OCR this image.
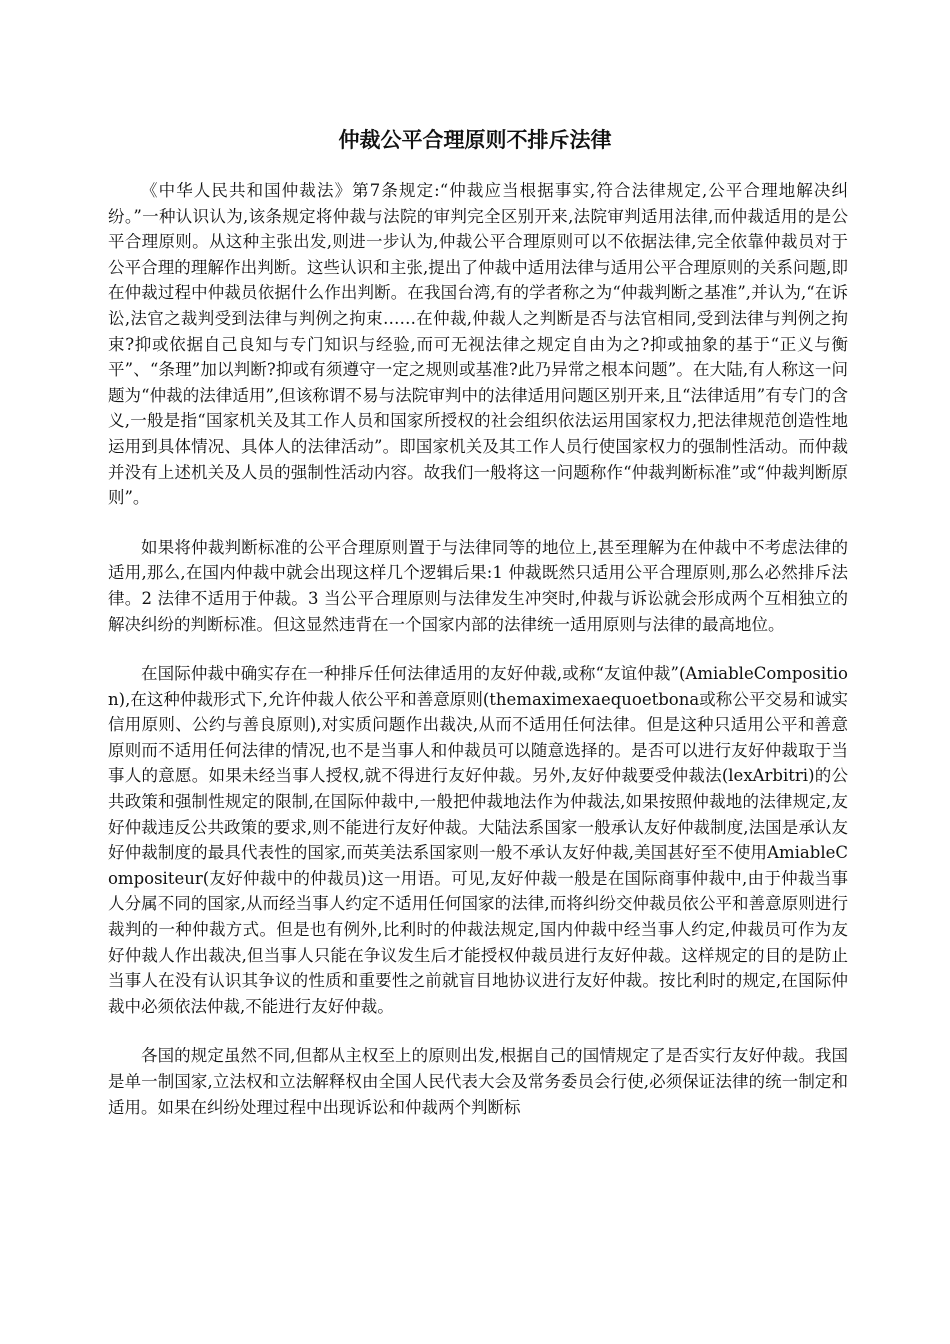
仲裁公平合理原则不排斥法律

《中华人民共和国仲裁法》第7条规定:“仲裁应当根据事实,符合法律规定,公平合理地解决纠纷。”一种认识认为,该条规定将仲裁与法院的审判完全区别开来,法院审判适用法律,而仲裁适用的是公平合理原则。从这种主张出发,则进一步认为,仲裁公平合理原则可以不依据法律,完全依靠仲裁员对于公平合理的理解作出判断。这些认识和主张,提出了仲裁中适用法律与适用公平合理原则的关系问题,即在仲裁过程中仲裁员依据什么作出判断。在我国台湾,有的学者称之为“仲裁判断之基准”,并认为,“在诉讼,法官之裁判受到法律与判例之拘束……在仲裁,仲裁人之判断是否与法官相同,受到法律与判例之拘束?抑或依据自己良知与专门知识与经验,而可无视法律之规定自由为之?抑或抽象的基于“正义与衡平”、“条理”加以判断?抑或有须遵守一定之规则或基准?此乃异常之根本问题”。在大陆,有人称这一问题为“仲裁的法律适用”,但该称谓不易与法院审判中的法律适用问题区别开来,且“法律适用”有专门的含义,一般是指“国家机关及其工作人员和国家所授权的社会组织依法运用国家权力,把法律规范创造性地运用到具体情况、具体人的法律活动”。即国家机关及其工作人员行使国家权力的强制性活动。而仲裁并没有上述机关及人员的强制性活动内容。故我们一般将这一问题称作“仲裁判断标准”或“仲裁判断原则”。

如果将仲裁判断标准的公平合理原则置于与法律同等的地位上,甚至理解为在仲裁中不考虑法律的适用,那么,在国内仲裁中就会出现这样几个逻辑后果:1 仲裁既然只适用公平合理原则,那么必然排斥法律。2 法律不适用于仲裁。3 当公平合理原则与法律发生冲突时,仲裁与诉讼就会形成两个互相独立的解决纠纷的判断标准。但这显然违背在一个国家内部的法律统一适用原则与法律的最高地位。

在国际仲裁中确实存在一种排斥任何法律适用的友好仲裁,或称“友谊仲裁”(AmiableComposition),在这种仲裁形式下,允许仲裁人依公平和善意原则(themaximexaequoetbona或称公平交易和诚实信用原则、公约与善良原则),对实质问题作出裁决,从而不适用任何法律。但是这种只适用公平和善意原则而不适用任何法律的情况,也不是当事人和仲裁员可以随意选择的。是否可以进行友好仲裁取于当事人的意愿。如果未经当事人授权,就不得进行友好仲裁。另外,友好仲裁要受仲裁法(lexArbitri)的公共政策和强制性规定的限制,在国际仲裁中,一般把仲裁地法作为仲裁法,如果按照仲裁地的法律规定,友好仲裁违反公共政策的要求,则不能进行友好仲裁。大陆法系国家一般承认友好仲裁制度,法国是承认友好仲裁制度的最具代表性的国家,而英美法系国家则一般不承认友好仲裁,美国甚好至不使用AmiableCompositeur(友好仲裁中的仲裁员)这一用语。可见,友好仲裁一般是在国际商事仲裁中,由于仲裁当事人分属不同的国家,从而经当事人约定不适用任何国家的法律,而将纠纷交仲裁员依公平和善意原则进行裁判的一种仲裁方式。但是也有例外,比利时的仲裁法规定,国内仲裁中经当事人约定,仲裁员可作为友好仲裁人作出裁决,但当事人只能在争议发生后才能授权仲裁员进行友好仲裁。这样规定的目的是防止当事人在没有认识其争议的性质和重要性之前就盲目地协议进行友好仲裁。按比利时的规定,在国际仲裁中必须依法仲裁,不能进行友好仲裁。

各国的规定虽然不同,但都从主权至上的原则出发,根据自己的国情规定了是否实行友好仲裁。我国是单一制国家,立法权和立法解释权由全国人民代表大会及常务委员会行使,必须保证法律的统一制定和适用。如果在纠纷处理过程中出现诉讼和仲裁两个判断标
